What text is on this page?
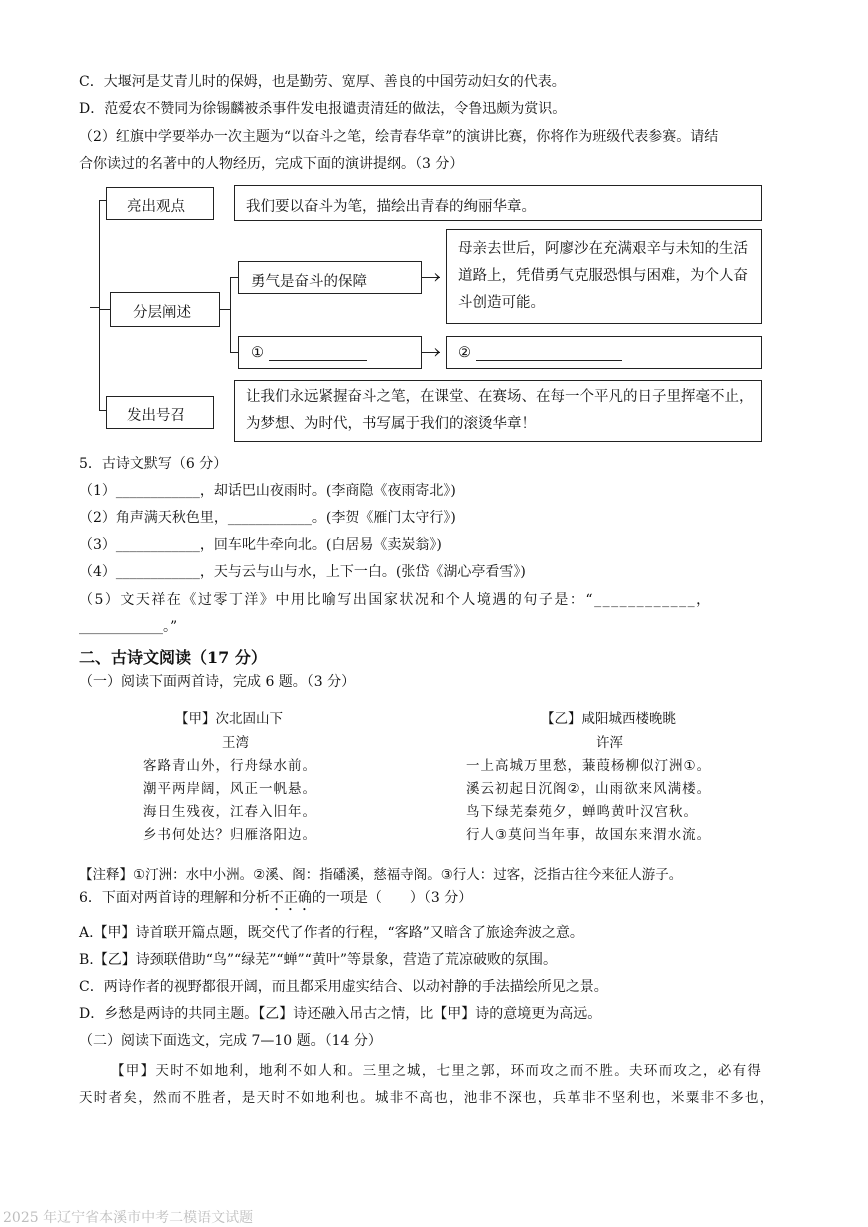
C．大堰河是艾青儿时的保姆，也是勤劳、宽厚、善良的中国劳动妇女的代表。
D．范爱农不赞同为徐锡麟被杀事件发电报谴责清廷的做法，令鲁迅颇为赏识。
（2）红旗中学要举办一次主题为“以奋斗之笔，绘青春华章”的演讲比赛，你将作为班级代表参赛。请结
合你读过的名著中的人物经历，完成下面的演讲提纲。（3 分）
亮出观点
分层阐述
发出号召
我们要以奋斗为笔，描绘出青春的绚丽华章。
勇气是奋斗的保障	›
母亲去世后，阿廖沙在充满艰辛与未知的生活道路上，凭借勇气克服恐惧与困难，为个人奋斗创造可能。
①	› ②
让我们永远紧握奋斗之笔，在课堂、在赛场、在每一个平凡的日子里挥毫不止，为梦想、为时代，书写属于我们的滚烫华章！
5．古诗文默写（6 分）
（1）____________，却话巴山夜雨时。(李商隐《夜雨寄北》)
（2）角声满天秋色里，____________。(李贺《雁门太守行》)
（3）____________，回车叱牛牵向北。(白居易《卖炭翁》)
（4）____________，天与云与山与水，上下一白。(张岱《湖心亭看雪》)
（5）文天祥在《过零丁洋》中用比喻写出国家状况和个人境遇的句子是：“____________，
____________。”
二、古诗文阅读（17 分）
（一）阅读下面两首诗，完成 6 题。（3 分）
【甲】次北固山下
王湾
客路青山外，行舟绿水前。
潮平两岸阔，风正一帆悬。
海日生残夜，江春入旧年。
乡书何处达？归雁洛阳边。
【乙】咸阳城西楼晚眺
许浑
一上高城万里愁，蒹葭杨柳似汀洲①。
溪云初起日沉阁②，山雨欲来风满楼。
鸟下绿芜秦苑夕，蝉鸣黄叶汉宫秋。
行人③莫问当年事，故国东来渭水流。
【注释】①汀洲：水中小洲。②溪、阁：指磻溪，慈福寺阁。③行人：过客，泛指古往今来征人游子。
6．下面对两首诗的理解和分析不正确的一项是（　　）（3 分）
A.【甲】诗首联开篇点题，既交代了作者的行程，“客路”又暗含了旅途奔波之意。
B.【乙】诗颈联借助“鸟”“绿芜”“蝉”“黄叶”等景象，营造了荒凉破败的氛围。
C．两诗作者的视野都很开阔，而且都采用虚实结合、以动衬静的手法描绘所见之景。
D．乡愁是两诗的共同主题。【乙】诗还融入吊古之情，比【甲】诗的意境更为高远。
（二）阅读下面选文，完成 7—10 题。（14 分）
【甲】天时不如地利，地利不如人和。三里之城，七里之郭，环而攻之而不胜。夫环而攻之，必有得
天时者矣，然而不胜者，是天时不如地利也。城非不高也，池非不深也，兵革非不坚利也，米粟非不多也，
2025 年辽宁省本溪市中考二模语文试题
